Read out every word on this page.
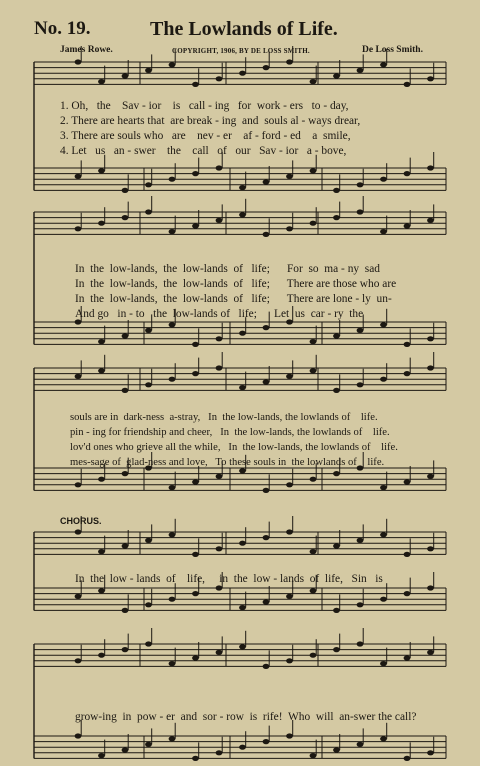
No. 19.	The Lowlands of Life.
James Rowe.	COPYRIGHT, 1906, BY DE LOSS SMITH.	De Loss Smith.
1. Oh, the Sav - ior is call - ing for work - ers to - day,
2. There are hearts that are break - ing and souls al - ways drear,
3. There are souls who are nev - er af - ford - ed a smile,
4. Let us an - swer the call of our Sav - ior a - bove,
In  the  low-lands,  the  low-lands  of   life;      For  so  ma - ny  sad
In  the  low-lands,  the  low-lands  of   life;      There are those who are
In  the  low-lands,  the  low-lands  of   life;      There are lone - ly  un-
And go   in - to   the  low-lands of   life;      Let  us  car - ry  the
souls are in  dark-ness  a-stray,   In  the low-lands, the lowlands of    life.
pin - ing for friendship and cheer,   In  the low-lands, the lowlands of    life.
lov'd ones who grieve all the while,   In  the low-lands, the lowlands of    life.
mes-sage of  glad-ness and love,   To these souls in  the lowlands of    life.
CHORUS.
In  the  low - lands  of    life,     in  the  low - lands  of  life,   Sin   is
grow-ing  in  pow - er  and  sor - row  is  rife!  Who  will  an-swer the call?
